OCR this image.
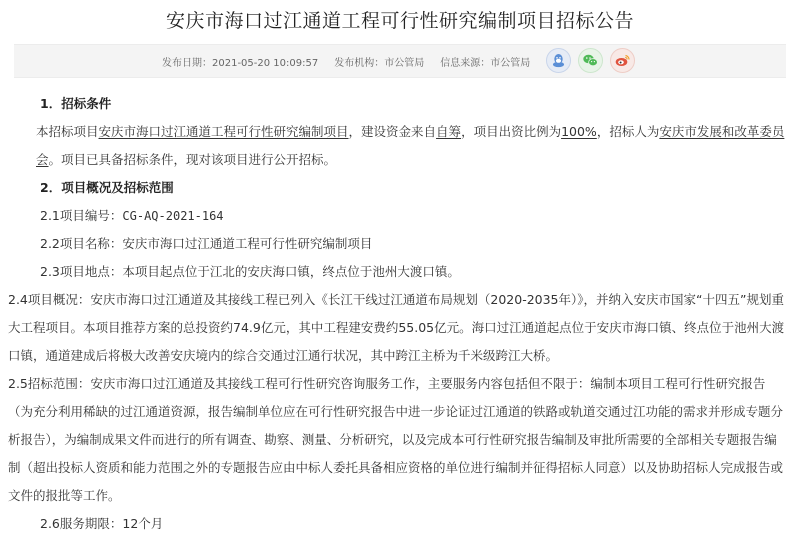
安庆市海口过江通道工程可行性研究编制项目招标公告
发布日期：2021-05-20 10:09:57 发布机构：市公管局 信息来源：市公管局

1．招标条件

本招标项目安庆市海口过江通道工程可行性研究编制项目，建设资金来自自筹，项目出资比例为100%，招标人为安庆市发展和改革委员会。项目已具备招标条件，现对该项目进行公开招标。

2．项目概况及招标范围

2.1项目编号：CG-AQ-2021-164

2.2项目名称：安庆市海口过江通道工程可行性研究编制项目

2.3项目地点：本项目起点位于江北的安庆海口镇，终点位于池州大渡口镇。

2.4项目概况：安庆市海口过江通道及其接线工程已列入《长江干线过江通道布局规划（2020-2035年）》，并纳入安庆市国家“十四五”规划重大工程项目。本项目推荐方案的总投资约74.9亿元，其中工程建安费约55.05亿元。海口过江通道起点位于安庆市海口镇、终点位于池州大渡口镇，通道建成后将极大改善安庆境内的综合交通过江通行状况，其中跨江主桥为千米级跨江大桥。

2.5招标范围：安庆市海口过江通道及其接线工程可行性研究咨询服务工作，主要服务内容包括但不限于：编制本项目工程可行性研究报告（为充分利用稀缺的过江通道资源，报告编制单位应在可行性研究报告中进一步论证过江通道的铁路或轨道交通过江功能的需求并形成专题分析报告），为编制成果文件而进行的所有调查、勘察、测量、分析研究，以及完成本可行性研究报告编制及审批所需要的全部相关专题报告编制（超出投标人资质和能力范围之外的专题报告应由中标人委托具备相应资格的单位进行编制并征得招标人同意）以及协助招标人完成报告或文件的报批等工作。

2.6服务期限：12个月
